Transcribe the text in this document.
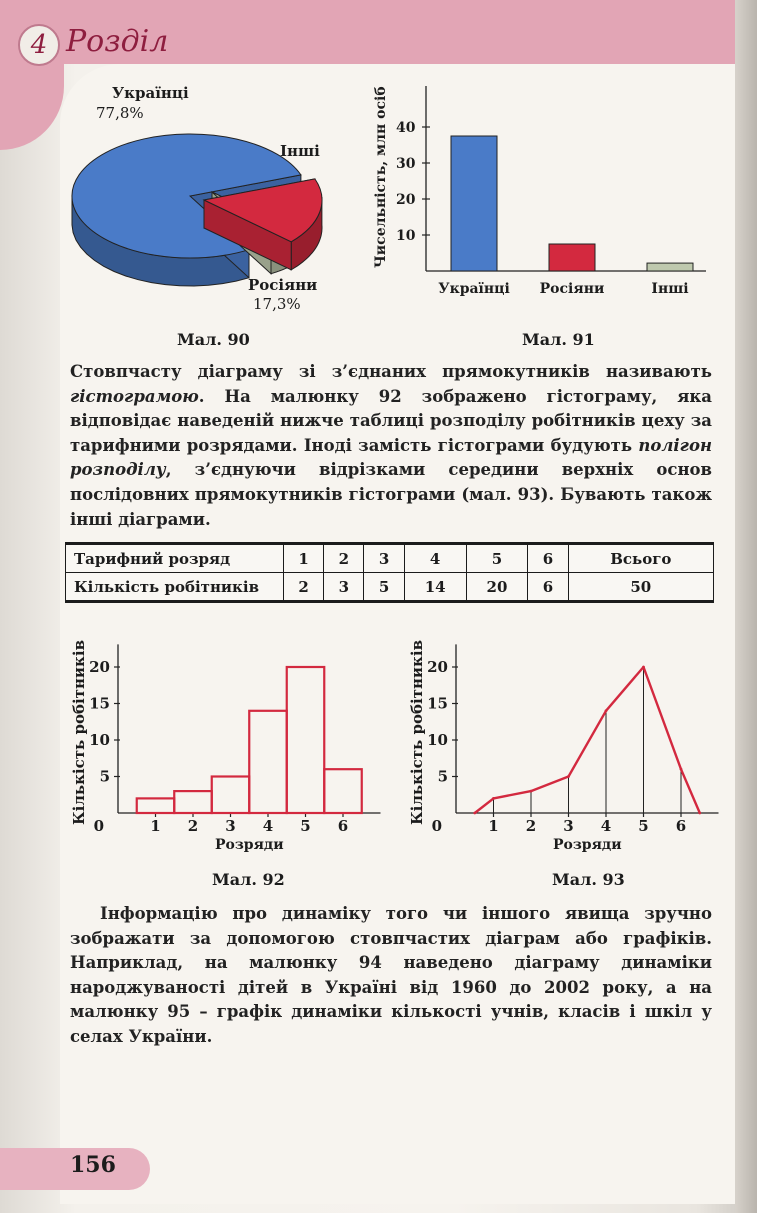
4 Розділ
Українці
77,8%
Інші
Росіяни
17,3%
Мал. 90
10
20
30
40
Українці Росіяни	Інші
Чисельність, млн осіб
Мал. 91

Стовпчасту діаграму зі з’єднаних прямокутників називають гістограмою. На малюнку 92 зображено гістограму, яка відповідає наведеній нижче таблиці розподілу робітників цеху за тарифними розрядами. Іноді замість гістограми будують полігон розподілу, з’єднуючи відрізками середини верхніх основ послідовних прямокутників гістограми (мал. 93). Бувають також інші діаграми.

Тарифний розряд	1	2	3	4	5	6	Всього
Кількість робітників	2	3	5	14	20	6	50
5
10
15
20
1 2 3 4 5 6
0
Кількість робітників
Розряди
Мал. 92
5
10
15
20
1 2 3 4 5 6
0
Кількість робітників
Розряди
Мал. 93

Інформацію про динаміку того чи іншого явища зручно зображати за допомогою стовпчастих діаграм або графіків. Наприклад, на малюнку 94 наведено діаграму динаміки народжуваності дітей в Україні від 1960 до 2002 року, а на малюнку 95 – графік динаміки кількості учнів, класів і шкіл у селах України.

156
